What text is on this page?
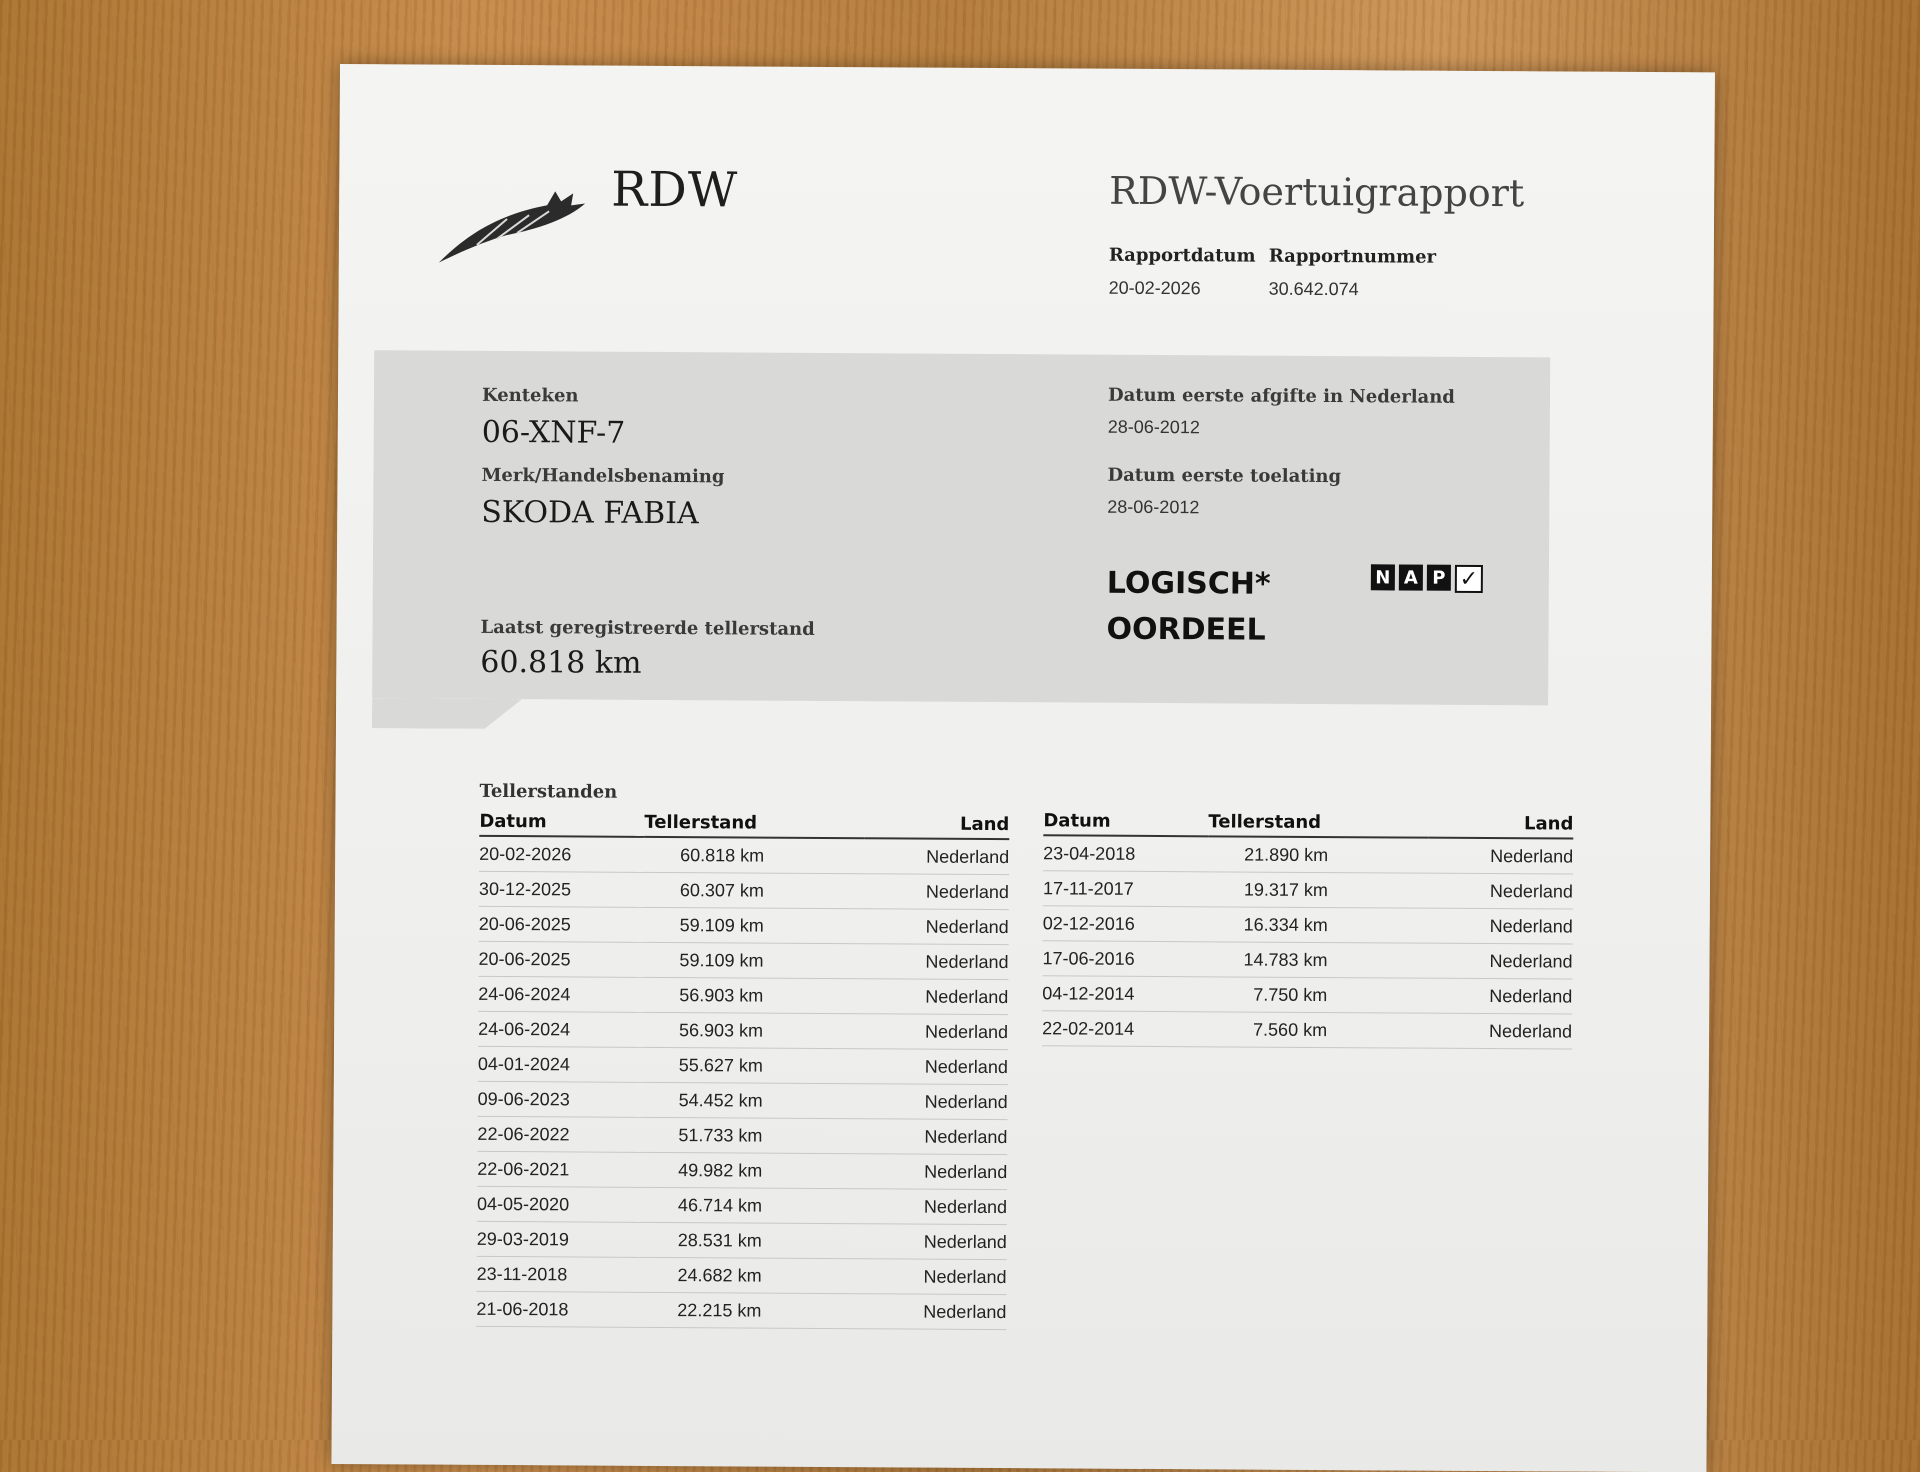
RDW	RDW-Voertuigrapport
Rapportdatum
20-02-2026
Rapportnummer
30.642.074
Kenteken
06-XNF-7
Merk/Handelsbenaming
SKODA FABIA
Laatst geregistreerde tellerstand
60.818 km
Datum eerste afgifte in Nederland
28-06-2012
Datum eerste toelating
28-06-2012
LOGISCH*
OORDEEL
N A P ✓
Tellerstanden
Datum	Tellerstand	Land
20-02-2026	60.818 km	Nederland
30-12-2025	60.307 km	Nederland
20-06-2025	59.109 km	Nederland
20-06-2025	59.109 km	Nederland
24-06-2024	56.903 km	Nederland
24-06-2024	56.903 km	Nederland
04-01-2024	55.627 km	Nederland
09-06-2023	54.452 km	Nederland
22-06-2022	51.733 km	Nederland
22-06-2021	49.982 km	Nederland
04-05-2020	46.714 km	Nederland
29-03-2019	28.531 km	Nederland
23-11-2018	24.682 km	Nederland
21-06-2018	22.215 km	Nederland
Datum	Tellerstand	Land
23-04-2018	21.890 km	Nederland
17-11-2017	19.317 km	Nederland
02-12-2016	16.334 km	Nederland
17-06-2016	14.783 km	Nederland
04-12-2014	7.750 km	Nederland
22-02-2014	7.560 km	Nederland
